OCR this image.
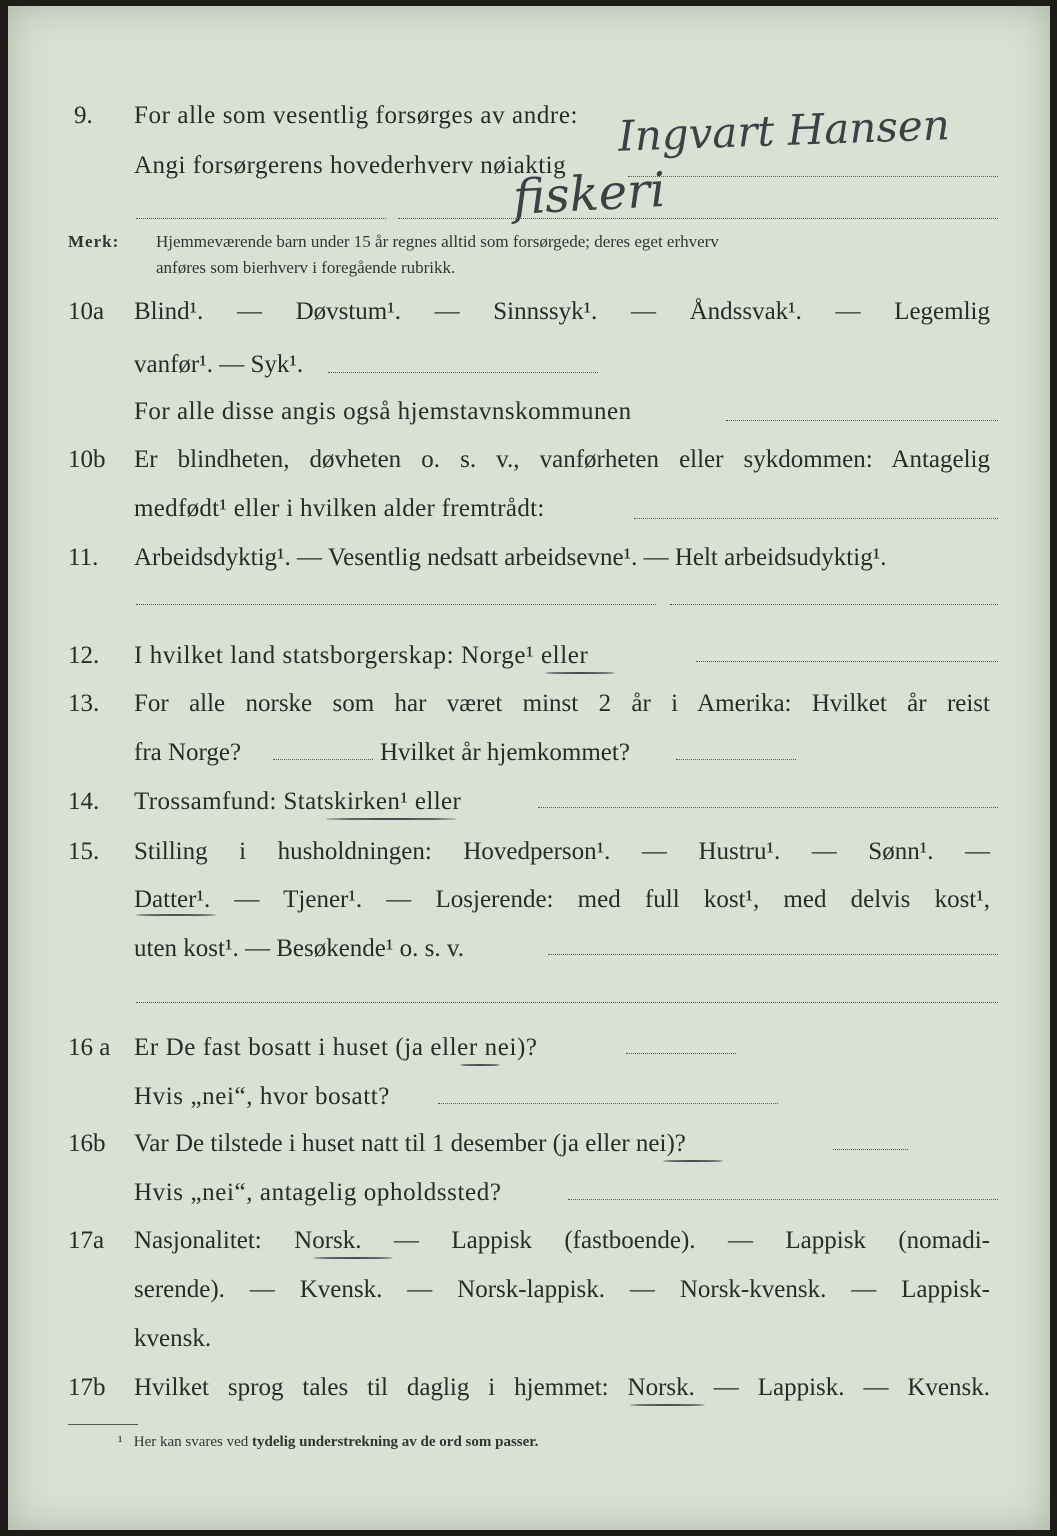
9. For alle som vesentlig forsørges av andre: Ingvart Hansen
Angi forsørgerens hovederhverv nøiaktig
fiskeri
Merk: Hjemmeværende barn under 15 år regnes alltid som forsørgede; deres eget erhverv
anføres som bierhverv i foregående rubrikk.
10a Blind¹. — Døvstum¹. — Sinnssyk¹. — Åndssvak¹. — Legemlig
vanfør¹. — Syk¹.
For alle disse angis også hjemstavnskommunen
10b Er blindheten, døvheten o. s. v., vanførheten eller sykdommen: Antagelig
medfødt¹ eller i hvilken alder fremtrådt:
11. Arbeidsdyktig¹. — Vesentlig nedsatt arbeidsevne¹. — Helt arbeidsudyktig¹.
12. I hvilket land statsborgerskap: Norge¹ eller
13. For alle norske som har været minst 2 år i Amerika: Hvilket år reist
fra Norge?	Hvilket år hjemkommet?
14. Trossamfund: Statskirken¹ eller
15. Stilling i husholdningen: Hovedperson¹. — Hustru¹. — Sønn¹. —
Datter¹. — Tjener¹. — Losjerende: med full kost¹, med delvis kost¹,
uten kost¹. — Besøkende¹ o. s. v.
16 a Er De fast bosatt i huset (ja eller nei)?
Hvis „nei“, hvor bosatt?
16b Var De tilstede i huset natt til 1 desember (ja eller nei)?
Hvis „nei“, antagelig opholdssted?
17a Nasjonalitet: Norsk. — Lappisk (fastboende). — Lappisk (nomadi-
serende). — Kvensk. — Norsk-lappisk. — Norsk-kvensk. — Lappisk-
kvensk.
17b Hvilket sprog tales til daglig i hjemmet: Norsk. — Lappisk. — Kvensk.
¹ Her kan svares ved tydelig understrekning av de ord som passer.
